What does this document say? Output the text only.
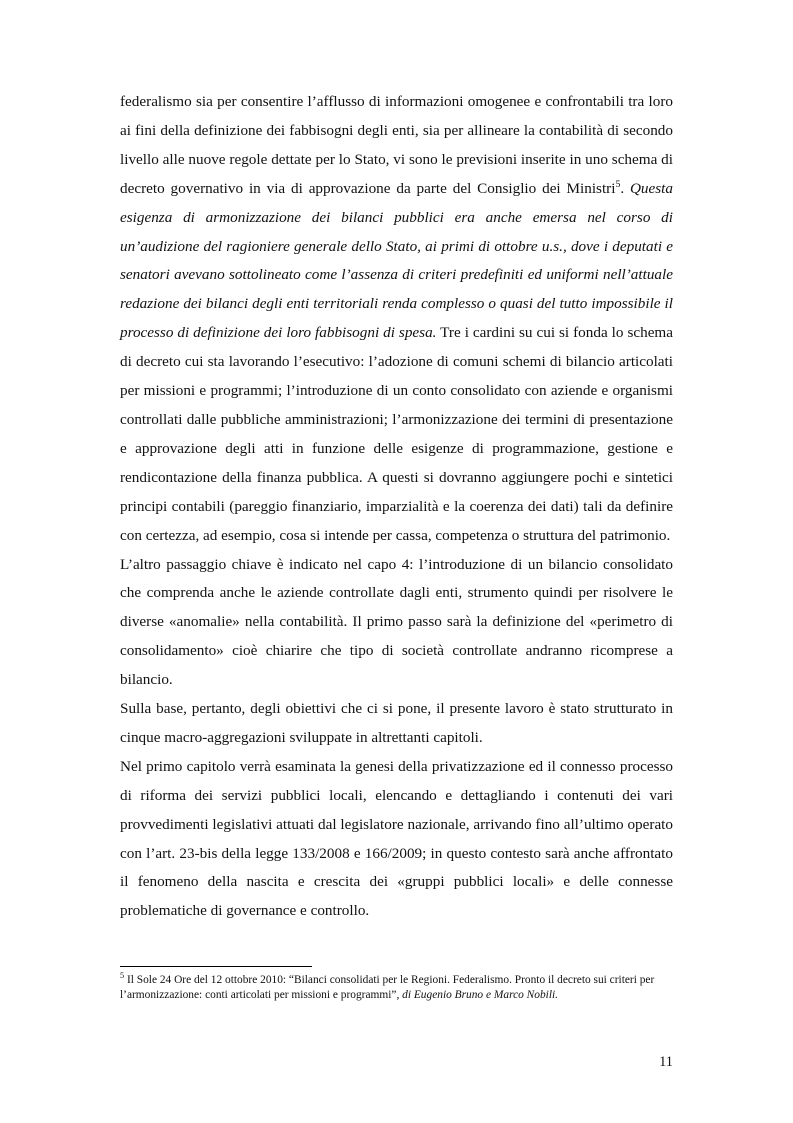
federalismo sia per consentire l’afflusso di informazioni omogenee e confrontabili tra loro ai fini della definizione dei fabbisogni degli enti, sia per allineare la contabilità di secondo livello alle nuove regole dettate per lo Stato, vi sono le previsioni inserite in uno schema di decreto governativo in via di approvazione da parte del Consiglio dei Ministri$^5$. Questa esigenza di armonizzazione dei bilanci pubblici era anche emersa nel corso di un’audizione del ragioniere generale dello Stato, ai primi di ottobre u.s., dove i deputati e senatori avevano sottolineato come l’assenza di criteri predefiniti ed uniformi nell’attuale redazione dei bilanci degli enti territoriali renda complesso o quasi del tutto impossibile il processo di definizione dei loro fabbisogni di spesa. Tre i cardini su cui si fonda lo schema di decreto cui sta lavorando l’esecutivo: l’adozione di comuni schemi di bilancio articolati per missioni e programmi; l’introduzione di un conto consolidato con aziende e organismi controllati dalle pubbliche amministrazioni; l’armonizzazione dei termini di presentazione e approvazione degli atti in funzione delle esigenze di programmazione, gestione e rendicontazione della finanza pubblica. A questi si dovranno aggiungere pochi e sintetici principi contabili (pareggio finanziario, imparzialità e la coerenza dei dati) tali da definire con certezza, ad esempio, cosa si intende per cassa, competenza o struttura del patrimonio.

L’altro passaggio chiave è indicato nel capo 4: l’introduzione di un bilancio consolidato che comprenda anche le aziende controllate dagli enti, strumento quindi per risolvere le diverse «anomalie» nella contabilità. Il primo passo sarà la definizione del «perimetro di consolidamento» cioè chiarire che tipo di società controllate andranno ricomprese a bilancio.

Sulla base, pertanto, degli obiettivi che ci si pone, il presente lavoro è stato strutturato in cinque macro-aggregazioni sviluppate in altrettanti capitoli.

Nel primo capitolo verrà esaminata la genesi della privatizzazione ed il connesso processo di riforma dei servizi pubblici locali, elencando e dettagliando i contenuti dei vari provvedimenti legislativi attuati dal legislatore nazionale, arrivando fino all’ultimo operato con l’art. 23-bis della legge 133/2008 e 166/2009; in questo contesto sarà anche affrontato il fenomeno della nascita e crescita dei «gruppi pubblici locali» e delle connesse problematiche di governance e controllo.

$^5$ Il Sole 24 Ore del 12 ottobre 2010: “Bilanci consolidati per le Regioni. Federalismo. Pronto il decreto sui criteri per l’armonizzazione: conti articolati per missioni e programmi”, di Eugenio Bruno e Marco Nobili.

11
